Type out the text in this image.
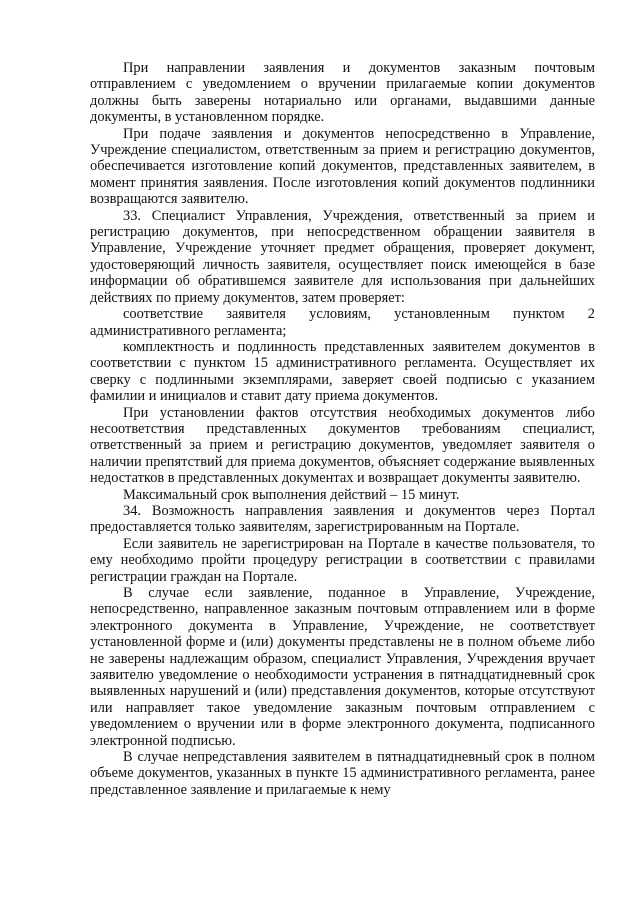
При направлении заявления и документов заказным почтовым отправлением с уведомлением о вручении прилагаемые копии документов должны быть заверены нотариально или органами, выдавшими данные документы, в установленном порядке.

При подаче заявления и документов непосредственно в Управление, Учреждение специалистом, ответственным за прием и регистрацию документов, обеспечивается изготовление копий документов, представленных заявителем, в момент принятия заявления. После изготовления копий документов подлинники возвращаются заявителю.

33. Специалист Управления, Учреждения, ответственный за прием и регистрацию документов, при непосредственном обращении заявителя в Управление, Учреждение уточняет предмет обращения, проверяет документ, удостоверяющий личность заявителя, осуществляет поиск имеющейся в базе информации об обратившемся заявителе для использования при дальнейших действиях по приему документов, затем проверяет:

соответствие заявителя условиям, установленным пунктом 2 административного регламента;

комплектность и подлинность представленных заявителем документов в соответствии с пунктом 15 административного регламента. Осуществляет их сверку с подлинными экземплярами, заверяет своей подписью с указанием фамилии и инициалов и ставит дату приема документов.

При установлении фактов отсутствия необходимых документов либо несоответствия представленных документов требованиям специалист, ответственный за прием и регистрацию документов, уведомляет заявителя о наличии препятствий для приема документов, объясняет содержание выявленных недостатков в представленных документах и возвращает документы заявителю.

Максимальный срок выполнения действий – 15 минут.

34. Возможность направления заявления и документов через Портал предоставляется только заявителям, зарегистрированным на Портале.

Если заявитель не зарегистрирован на Портале в качестве пользователя, то ему необходимо пройти процедуру регистрации в соответствии с правилами регистрации граждан на Портале.

В случае если заявление, поданное в Управление, Учреждение, непосредственно, направленное заказным почтовым отправлением или в форме электронного документа в Управление, Учреждение, не соответствует установленной форме и (или) документы представлены не в полном объеме либо не заверены надлежащим образом, специалист Управления, Учреждения вручает заявителю уведомление о необходимости устранения в пятнадцатидневный срок выявленных нарушений и (или) представления документов, которые отсутствуют или направляет такое уведомление заказным почтовым отправлением с уведомлением о вручении или в форме электронного документа, подписанного электронной подписью.

В случае непредставления заявителем в пятнадцатидневный срок в полном объеме документов, указанных в пункте 15 административного регламента, ранее представленное заявление и прилагаемые к нему
